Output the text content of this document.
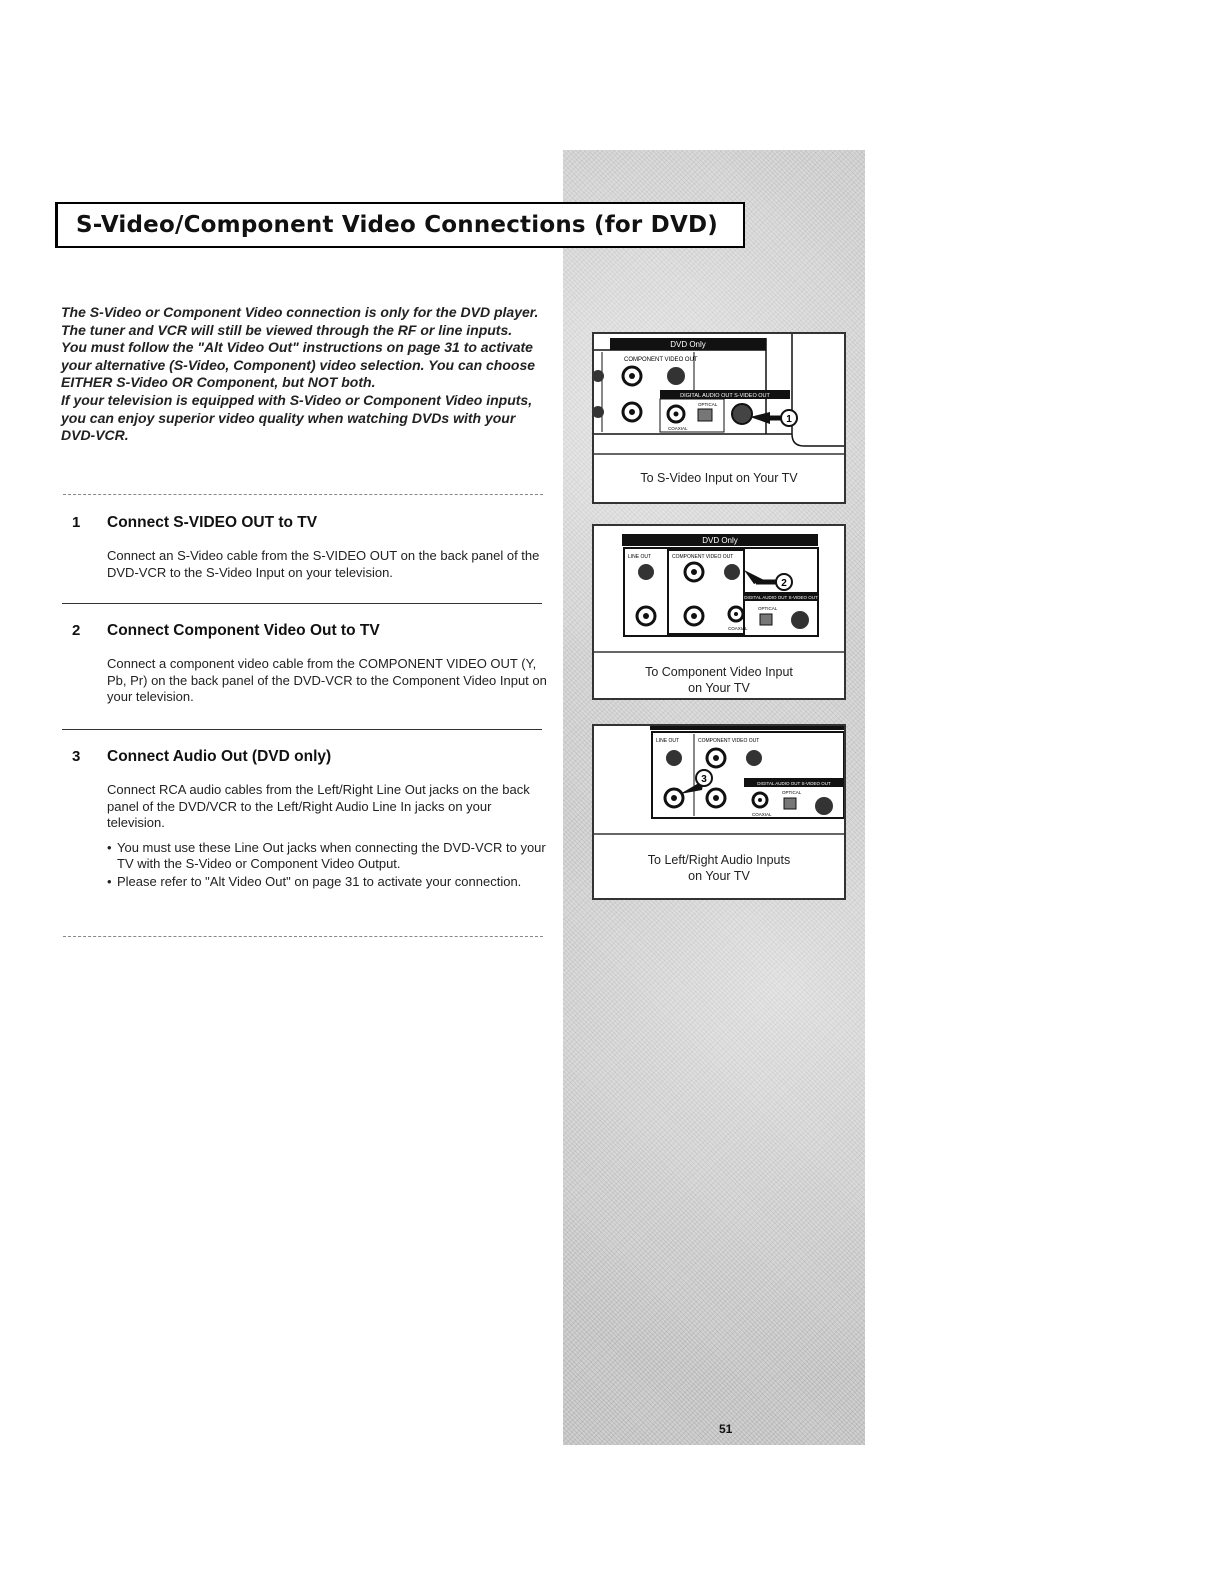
S-Video/Component Video Connections (for DVD)

The S-Video or Component Video connection is only for the DVD player. The tuner and VCR will still be viewed through the RF or line inputs.

You must follow the "Alt Video Out" instructions on page 31 to activate your alternative (S-Video, Component) video selection. You can choose EITHER S-Video OR Component, but NOT both.

If your television is equipped with S-Video or Component Video inputs, you can enjoy superior video quality when watching DVDs with your DVD-VCR.

1 Connect S-VIDEO OUT to TV
Connect an S-Video cable from the S-VIDEO OUT on the back panel of the DVD-VCR to the S-Video Input on your television.
2 Connect Component Video Out to TV
Connect a component video cable from the COMPONENT VIDEO OUT (Y, Pb, Pr) on the back panel of the DVD-VCR to the Component Video Input on your television.
3 Connect Audio Out (DVD only)
Connect RCA audio cables from the Left/Right Line Out jacks on the back panel of the DVD/VCR to the Left/Right Audio Line In jacks on your television.
• You must use these Line Out jacks when connecting the DVD-VCR to your TV with the S-Video or Component Video Output.
• Please refer to "Alt Video Out" on page 31 to activate your connection.
DVD Only
COMPONENT VIDEO OUT
DIGITAL AUDIO OUT S-VIDEO OUT
COAXIAL
OPTICAL
1
To S-Video Input on Your TV
DVD Only
LINE OUT	COMPONENT VIDEO OUT
2
DIGITAL AUDIO OUT S-VIDEO OUT
COAXIAL
OPTICAL
To Component Video Input
on Your TV
LINE OUT	COMPONENT VIDEO OUT
3	DIGITAL AUDIO OUT S-VIDEO OUT
COAXIAL
OPTICAL
To Left/Right Audio Inputs
on Your TV
51
